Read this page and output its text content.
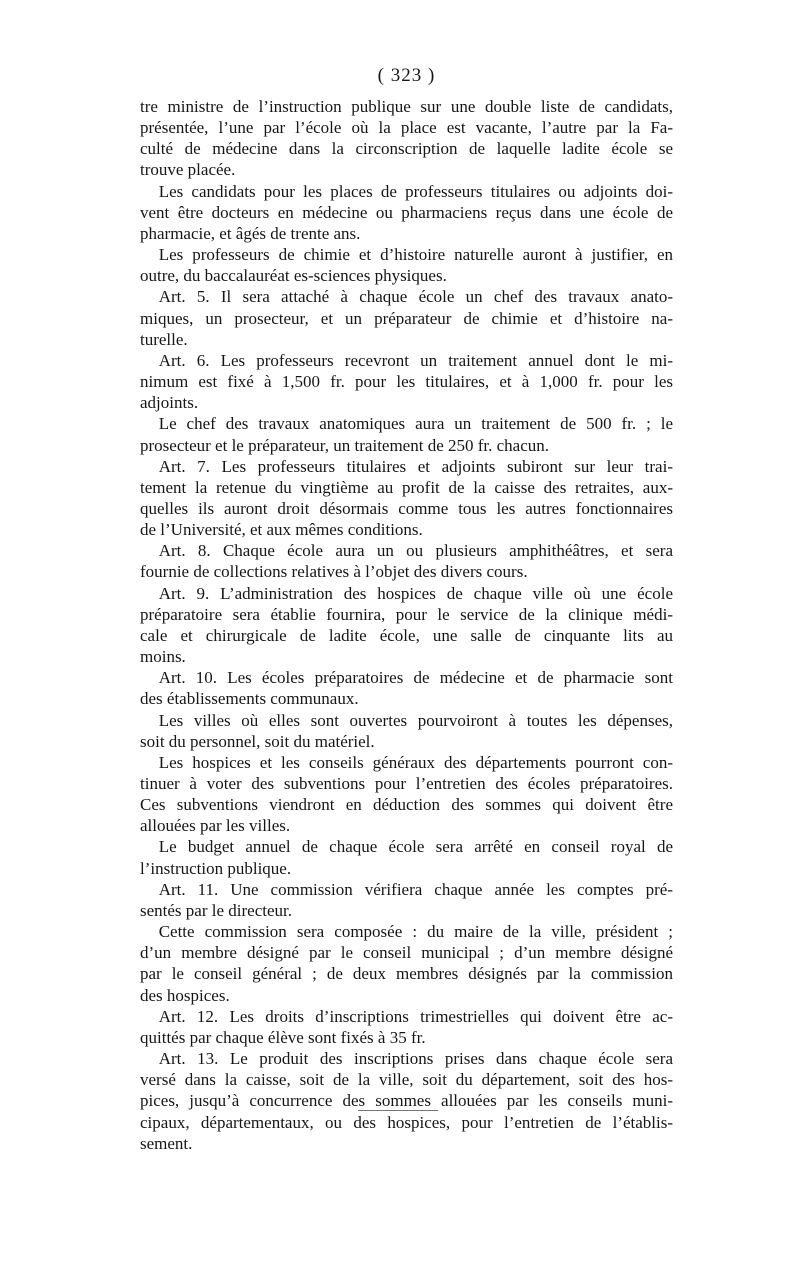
( 323 )
tre ministre de l’instruction publique sur une double liste de candidats,
présentée, l’une par l’école où la place est vacante, l’autre par la Fa-
culté de médecine dans la circonscription de laquelle ladite école se
trouve placée.
Les candidats pour les places de professeurs titulaires ou adjoints doi-
vent être docteurs en médecine ou pharmaciens reçus dans une école de
pharmacie, et âgés de trente ans.
Les professeurs de chimie et d’histoire naturelle auront à justifier, en
outre, du baccalauréat es-sciences physiques.
Art. 5. Il sera attaché à chaque école un chef des travaux anato-
miques, un prosecteur, et un préparateur de chimie et d’histoire na-
turelle.
Art. 6. Les professeurs recevront un traitement annuel dont le mi-
nimum est fixé à 1,500 fr. pour les titulaires, et à 1,000 fr. pour les
adjoints.
Le chef des travaux anatomiques aura un traitement de 500 fr. ; le
prosecteur et le préparateur, un traitement de 250 fr. chacun.
Art. 7. Les professeurs titulaires et adjoints subiront sur leur trai-
tement la retenue du vingtième au profit de la caisse des retraites, aux-
quelles ils auront droit désormais comme tous les autres fonctionnaires
de l’Université, et aux mêmes conditions.
Art. 8. Chaque école aura un ou plusieurs amphithéâtres, et sera
fournie de collections relatives à l’objet des divers cours.
Art. 9. L’administration des hospices de chaque ville où une école
préparatoire sera établie fournira, pour le service de la clinique médi-
cale et chirurgicale de ladite école, une salle de cinquante lits au
moins.
Art. 10. Les écoles préparatoires de médecine et de pharmacie sont
des établissements communaux.
Les villes où elles sont ouvertes pourvoiront à toutes les dépenses,
soit du personnel, soit du matériel.
Les hospices et les conseils généraux des départements pourront con-
tinuer à voter des subventions pour l’entretien des écoles préparatoires.
Ces subventions viendront en déduction des sommes qui doivent être
allouées par les villes.
Le budget annuel de chaque école sera arrêté en conseil royal de
l’instruction publique.
Art. 11. Une commission vérifiera chaque année les comptes pré-
sentés par le directeur.
Cette commission sera composée : du maire de la ville, président ;
d’un membre désigné par le conseil municipal ; d’un membre désigné
par le conseil général ; de deux membres désignés par la commission
des hospices.
Art. 12. Les droits d’inscriptions trimestrielles qui doivent être ac-
quittés par chaque élève sont fixés à 35 fr.
Art. 13. Le produit des inscriptions prises dans chaque école sera
versé dans la caisse, soit de la ville, soit du département, soit des hos-
pices, jusqu’à concurrence des sommes allouées par les conseils muni-
cipaux, départementaux, ou des hospices, pour l’entretien de l’établis-
sement.
